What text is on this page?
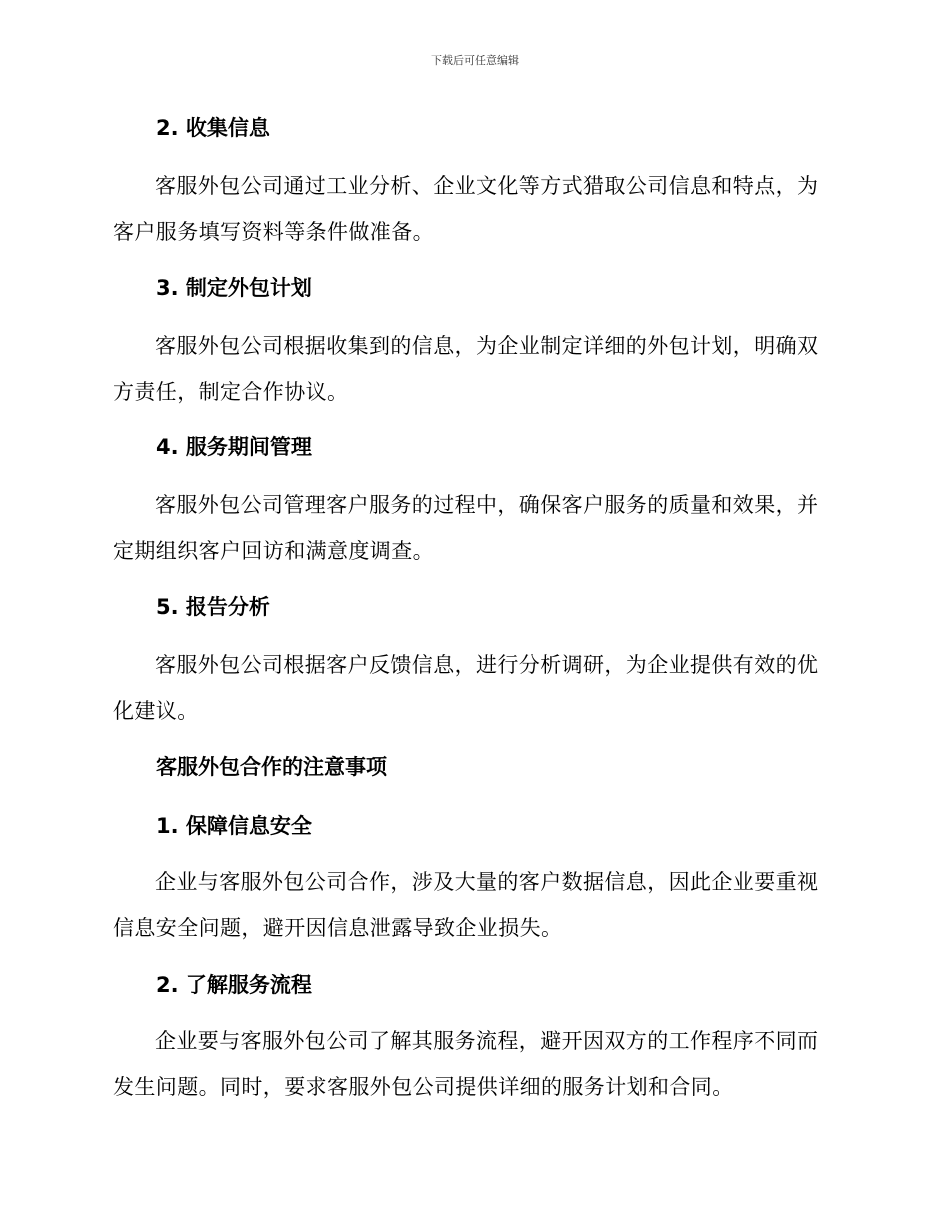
下载后可任意编辑
2. 收集信息

客服外包公司通过工业分析、企业文化等方式猎取公司信息和特点，为客户服务填写资料等条件做准备。

3. 制定外包计划

客服外包公司根据收集到的信息，为企业制定详细的外包计划，明确双方责任，制定合作协议。

4. 服务期间管理

客服外包公司管理客户服务的过程中，确保客户服务的质量和效果，并定期组织客户回访和满意度调查。

5. 报告分析

客服外包公司根据客户反馈信息，进行分析调研，为企业提供有效的优化建议。

客服外包合作的注意事项
1. 保障信息安全

企业与客服外包公司合作，涉及大量的客户数据信息，因此企业要重视信息安全问题，避开因信息泄露导致企业损失。

2. 了解服务流程

企业要与客服外包公司了解其服务流程，避开因双方的工作程序不同而发生问题。同时，要求客服外包公司提供详细的服务计划和合同。
